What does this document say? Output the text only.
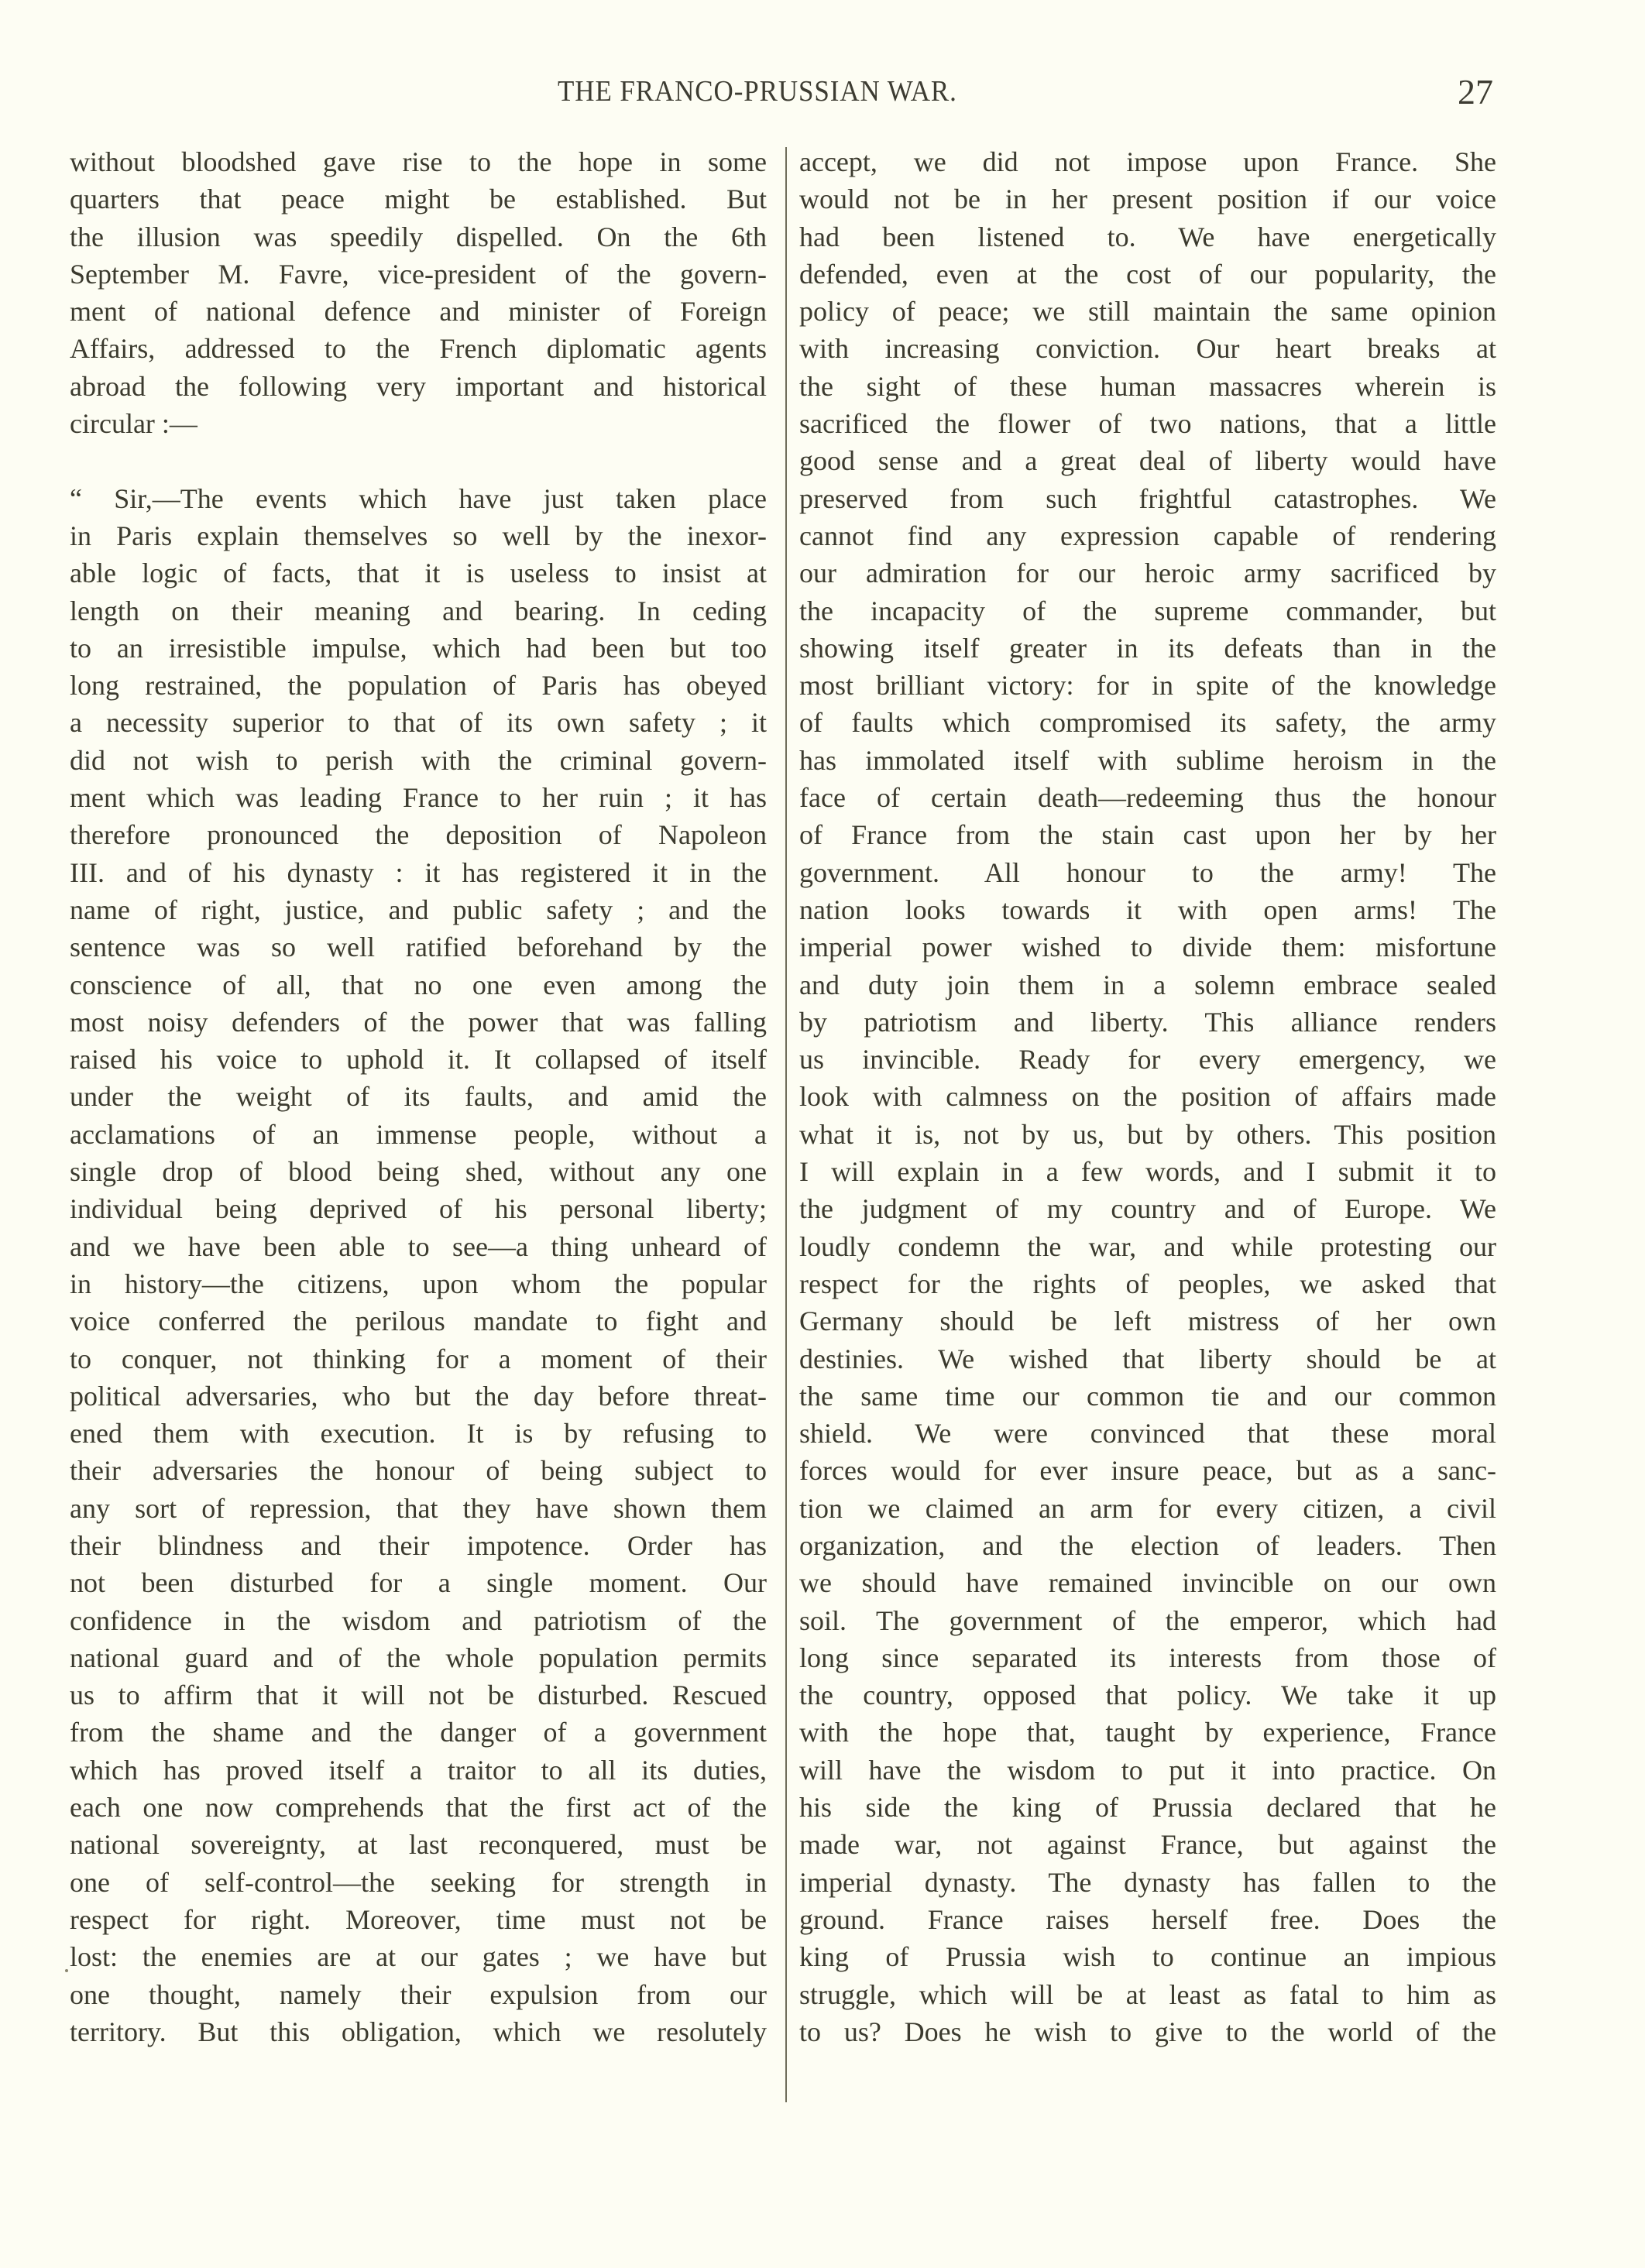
THE FRANCO-PRUSSIAN WAR.	27
without bloodshed gave rise to the hope in some
quarters that peace might be established. But
the illusion was speedily dispelled. On the 6th
September M. Favre, vice-president of the govern-
ment of national defence and minister of Foreign
Affairs, addressed to the French diplomatic agents
abroad the following very important and historical
circular :—
“ Sir,—The events which have just taken place
in Paris explain themselves so well by the inexor-
able logic of facts, that it is useless to insist at
length on their meaning and bearing. In ceding
to an irresistible impulse, which had been but too
long restrained, the population of Paris has obeyed
a necessity superior to that of its own safety ; it
did not wish to perish with the criminal govern-
ment which was leading France to her ruin ; it has
therefore pronounced the deposition of Napoleon
III. and of his dynasty : it has registered it in the
name of right, justice, and public safety ; and the
sentence was so well ratified beforehand by the
conscience of all, that no one even among the
most noisy defenders of the power that was falling
raised his voice to uphold it. It collapsed of itself
under the weight of its faults, and amid the
acclamations of an immense people, without a
single drop of blood being shed, without any one
individual being deprived of his personal liberty;
and we have been able to see—a thing unheard of
in history—the citizens, upon whom the popular
voice conferred the perilous mandate to fight and
to conquer, not thinking for a moment of their
political adversaries, who but the day before threat-
ened them with execution. It is by refusing to
their adversaries the honour of being subject to
any sort of repression, that they have shown them
their blindness and their impotence. Order has
not been disturbed for a single moment. Our
confidence in the wisdom and patriotism of the
national guard and of the whole population permits
us to affirm that it will not be disturbed. Rescued
from the shame and the danger of a government
which has proved itself a traitor to all its duties,
each one now comprehends that the first act of the
national sovereignty, at last reconquered, must be
one of self-control—the seeking for strength in
respect for right. Moreover, time must not be
lost: the enemies are at our gates ; we have but
one thought, namely their expulsion from our
territory. But this obligation, which we resolutely
accept, we did not impose upon France. She
would not be in her present position if our voice
had been listened to. We have energetically
defended, even at the cost of our popularity, the
policy of peace; we still maintain the same opinion
with increasing conviction. Our heart breaks at
the sight of these human massacres wherein is
sacrificed the flower of two nations, that a little
good sense and a great deal of liberty would have
preserved from such frightful catastrophes. We
cannot find any expression capable of rendering
our admiration for our heroic army sacrificed by
the incapacity of the supreme commander, but
showing itself greater in its defeats than in the
most brilliant victory: for in spite of the knowledge
of faults which compromised its safety, the army
has immolated itself with sublime heroism in the
face of certain death—redeeming thus the honour
of France from the stain cast upon her by her
government. All honour to the army! The
nation looks towards it with open arms! The
imperial power wished to divide them: misfortune
and duty join them in a solemn embrace sealed
by patriotism and liberty. This alliance renders
us invincible. Ready for every emergency, we
look with calmness on the position of affairs made
what it is, not by us, but by others. This position
I will explain in a few words, and I submit it to
the judgment of my country and of Europe. We
loudly condemn the war, and while protesting our
respect for the rights of peoples, we asked that
Germany should be left mistress of her own
destinies. We wished that liberty should be at
the same time our common tie and our common
shield. We were convinced that these moral
forces would for ever insure peace, but as a sanc-
tion we claimed an arm for every citizen, a civil
organization, and the election of leaders. Then
we should have remained invincible on our own
soil. The government of the emperor, which had
long since separated its interests from those of
the country, opposed that policy. We take it up
with the hope that, taught by experience, France
will have the wisdom to put it into practice. On
his side the king of Prussia declared that he
made war, not against France, but against the
imperial dynasty. The dynasty has fallen to the
ground. France raises herself free. Does the
king of Prussia wish to continue an impious
struggle, which will be at least as fatal to him as
to us? Does he wish to give to the world of the
